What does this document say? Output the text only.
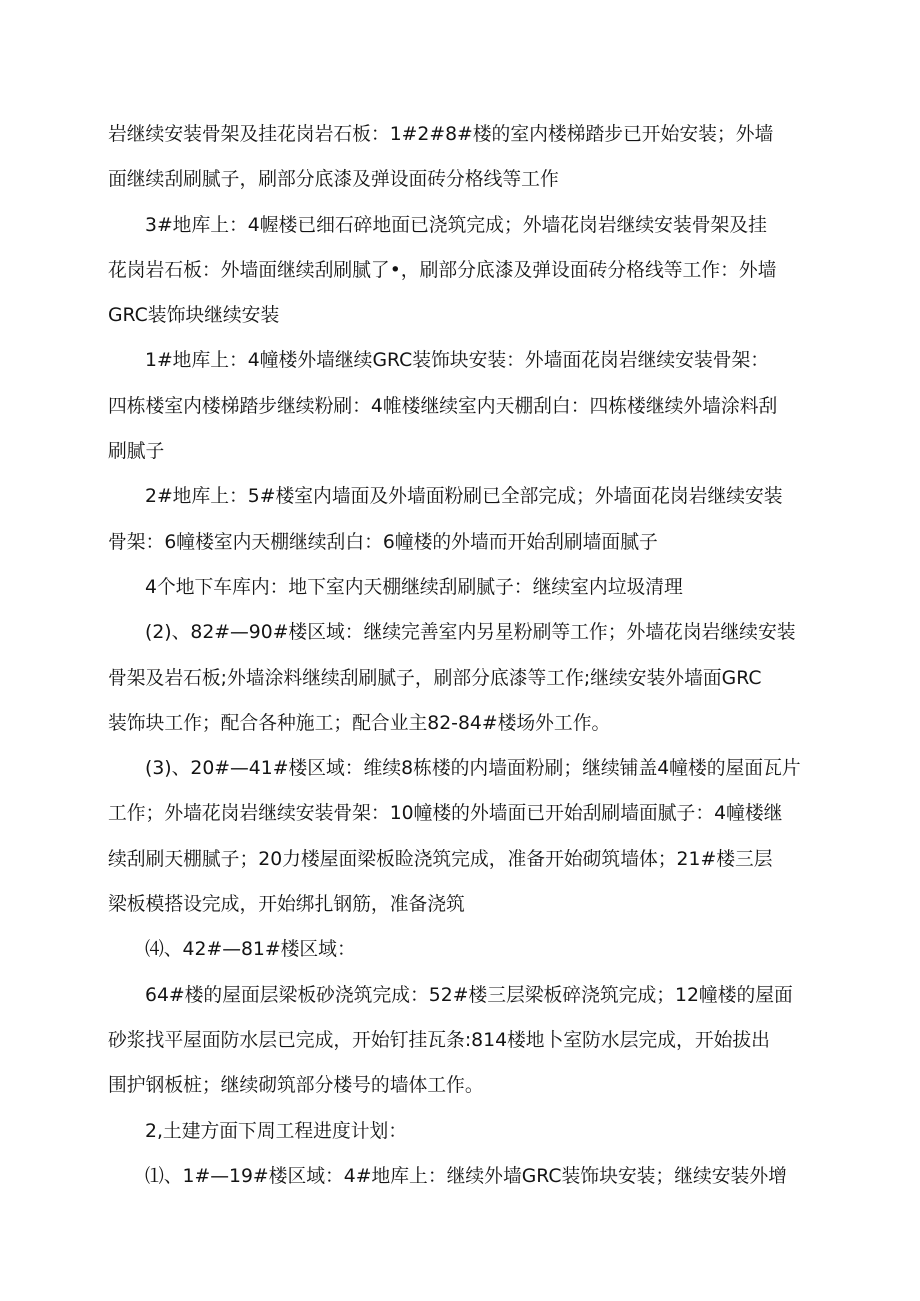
岩继续安装骨架及挂花岗岩石板：1#2#8#楼的室内楼梯踏步已开始安装；外墙
面继续刮刷腻子，刷部分底漆及弹设面砖分格线等工作
3#地库上：4幄楼已细石碎地面已浇筑完成；外墙花岗岩继续安装骨架及挂
花岗岩石板：外墙面继续刮刷腻了•，刷部分底漆及弹设面砖分格线等工作：外墙
GRC装饰块继续安装
1#地库上：4幢楼外墙继续GRC装饰块安装：外墙面花岗岩继续安装骨架：
四栋楼室内楼梯踏步继续粉刷：4帷楼继续室内天棚刮白：四栋楼继续外墙涂料刮
刷腻子
2#地库上：5#楼室内墙面及外墙面粉刷已全部完成；外墙面花岗岩继续安装
骨架：6幢楼室内天棚继续刮白：6幢楼的外墙而开始刮刷墙面腻子
4个地下车库内：地下室内天棚继续刮刷腻子：继续室内垃圾清理
(2)、82#—90#楼区域：继续完善室内另星粉刷等工作；外墙花岗岩继续安装
骨架及岩石板;外墙涂料继续刮刷腻子，刷部分底漆等工作;继续安装外墙面GRC
装饰块工作；配合各种施工；配合业主82-84#楼场外工作。
(3)、20#—41#楼区域：维续8栋楼的内墙面粉刷；继续铺盖4幢楼的屋面瓦片
工作；外墙花岗岩继续安装骨架：10幢楼的外墙面已开始刮刷墙面腻子：4幢楼继
续刮刷天棚腻子；20力楼屋面梁板睑浇筑完成，准备开始砌筑墙体；21#楼三层
梁板模搭设完成，开始绑扎钢筋，准备浇筑
⑷、42#—81#楼区域：
64#楼的屋面层梁板砂浇筑完成：52#楼三层梁板碎浇筑完成；12幢楼的屋面
砂浆找平屋面防水层已完成，开始钉挂瓦条:814楼地卜室防水层完成，开始拔出
围护钢板桩；继续砌筑部分楼号的墙体工作。
2,土建方面下周工程进度计划：
⑴、1#—19#楼区域：4#地库上：继续外墙GRC装饰块安装；继续安装外增
